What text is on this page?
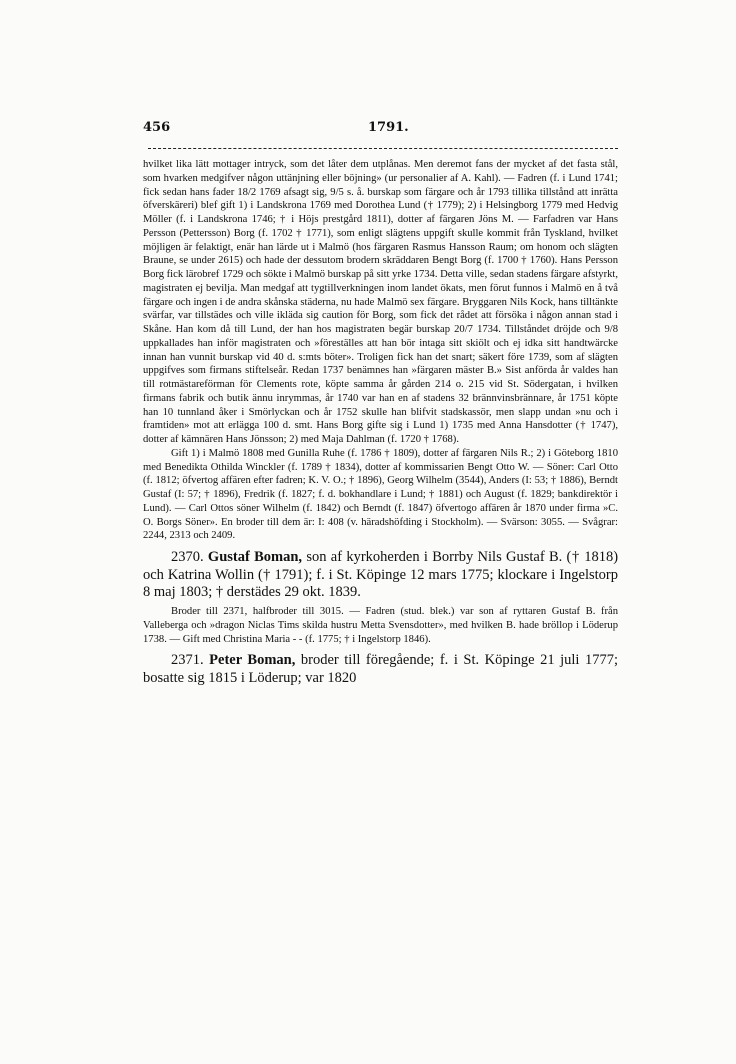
456	1791.

hvilket lika lätt mottager intryck, som det låter dem utplånas. Men deremot fans der mycket af det fasta stål, som hvarken medgifver någon uttänjning eller böjning» (ur personalier af A. Kahl). — Fadren (f. i Lund 1741; fick sedan hans fader 18/2 1769 afsagt sig, 9/5 s. å. burskap som färgare och år 1793 tillika tillstånd att inrätta öfverskäreri) blef gift 1) i Landskrona 1769 med Dorothea Lund († 1779); 2) i Helsingborg 1779 med Hedvig Möller (f. i Landskrona 1746; † i Höjs prestgård 1811), dotter af färgaren Jöns M. — Farfadren var Hans Persson (Pettersson) Borg (f. 1702 † 1771), som enligt slägtens uppgift skulle kommit från Tyskland, hvilket möjligen är felaktigt, enär han lärde ut i Malmö (hos färgaren Rasmus Hansson Raum; om honom och slägten Braune, se under 2615) och hade der dessutom brodern skräddaren Bengt Borg (f. 1700 † 1760). Hans Persson Borg fick lärobref 1729 och sökte i Malmö burskap på sitt yrke 1734. Detta ville, sedan stadens färgare afstyrkt, magistraten ej bevilja. Man medgaf att tygtillverkningen inom landet ökats, men förut funnos i Malmö en å två färgare och ingen i de andra skånska städerna, nu hade Malmö sex färgare. Bryggaren Nils Kock, hans tilltänkte svärfar, var tillstädes och ville ikläda sig caution för Borg, som fick det rådet att försöka i någon annan stad i Skåne. Han kom då till Lund, der han hos magistraten begär burskap 20/7 1734. Tillståndet dröjde och 9/8 uppkallades han inför magistraten och »föreställes att han bör intaga sitt skiölt och ej idka sitt handtwärcke innan han vunnit burskap vid 40 d. s:mts böter». Troligen fick han det snart; säkert före 1739, som af slägten uppgifves som firmans stiftelseår. Redan 1737 benämnes han »färgaren mäster B.» Sist anförda år valdes han till rotmästareförman för Clements rote, köpte samma år gården 214 o. 215 vid St. Södergatan, i hvilken firmans fabrik och butik ännu inrymmas, år 1740 var han en af stadens 32 brännvinsbrännare, år 1751 köpte han 10 tunnland åker i Smörlyckan och år 1752 skulle han blifvit stadskassör, men slapp undan »nu och i framtiden» mot att erlägga 100 d. smt. Hans Borg gifte sig i Lund 1) 1735 med Anna Hansdotter († 1747), dotter af kämnären Hans Jönsson; 2) med Maja Dahlman (f. 1720 † 1768).

Gift 1) i Malmö 1808 med Gunilla Ruhe (f. 1786 † 1809), dotter af färgaren Nils R.; 2) i Göteborg 1810 med Benedikta Othilda Winckler (f. 1789 † 1834), dotter af kommissarien Bengt Otto W. — Söner: Carl Otto (f. 1812; öfvertog affären efter fadren; K. V. O.; † 1896), Georg Wilhelm (3544), Anders (I: 53; † 1886), Berndt Gustaf (I: 57; † 1896), Fredrik (f. 1827; f. d. bokhandlare i Lund; † 1881) och August (f. 1829; bankdirektör i Lund). — Carl Ottos söner Wilhelm (f. 1842) och Berndt (f. 1847) öfvertogo affären år 1870 under firma »C. O. Borgs Söner». En broder till dem är: I: 408 (v. häradshöfding i Stockholm). — Svärson: 3055. — Svågrar: 2244, 2313 och 2409.

2370. Gustaf Boman, son af kyrkoherden i Borrby Nils Gustaf B. († 1818) och Katrina Wollin († 1791); f. i St. Köpinge 12 mars 1775; klockare i Ingelstorp 8 maj 1803; † derstädes 29 okt. 1839.

Broder till 2371, halfbroder till 3015. — Fadren (stud. blek.) var son af ryttaren Gustaf B. från Valleberga och »dragon Niclas Tims skilda hustru Metta Svensdotter», med hvilken B. hade bröllop i Löderup 1738. — Gift med Christina Maria - - (f. 1775; † i Ingelstorp 1846).

2371. Peter Boman, broder till föregående; f. i St. Köpinge 21 juli 1777; bosatte sig 1815 i Löderup; var 1820
